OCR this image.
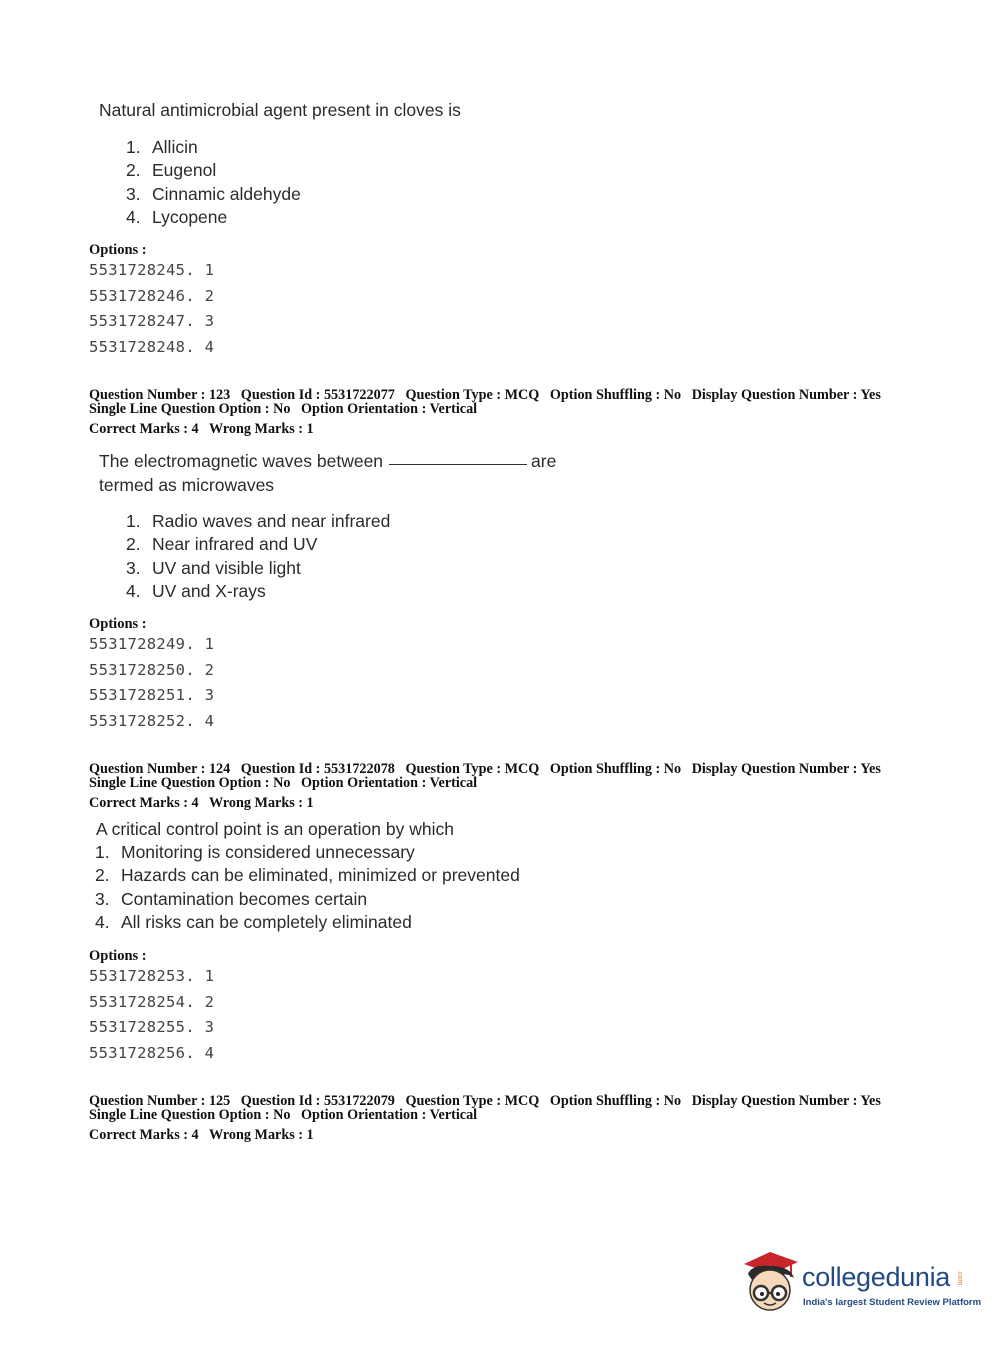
Natural antimicrobial agent present in cloves is
1. Allicin
2. Eugenol
3. Cinnamic aldehyde
4. Lycopene
Options :
5531728245. 1
5531728246. 2
5531728247. 3
5531728248. 4
Question Number : 123 Question Id : 5531722077 Question Type : MCQ Option Shuffling : No Display Question Number : Yes
Single Line Question Option : No Option Orientation : Vertical
Correct Marks : 4 Wrong Marks : 1
The electromagnetic waves between	are
termed as microwaves
1. Radio waves and near infrared
2. Near infrared and UV
3. UV and visible light
4. UV and X-rays
Options :
5531728249. 1
5531728250. 2
5531728251. 3
5531728252. 4
Question Number : 124 Question Id : 5531722078 Question Type : MCQ Option Shuffling : No Display Question Number : Yes
Single Line Question Option : No Option Orientation : Vertical
Correct Marks : 4 Wrong Marks : 1
A critical control point is an operation by which
1. Monitoring is considered unnecessary
2. Hazards can be eliminated, minimized or prevented
3. Contamination becomes certain
4. All risks can be completely eliminated
Options :
5531728253. 1
5531728254. 2
5531728255. 3
5531728256. 4
Question Number : 125 Question Id : 5531722079 Question Type : MCQ Option Shuffling : No Display Question Number : Yes
Single Line Question Option : No Option Orientation : Vertical
Correct Marks : 4 Wrong Marks : 1
collegedunia .com
India's largest Student Review Platform
